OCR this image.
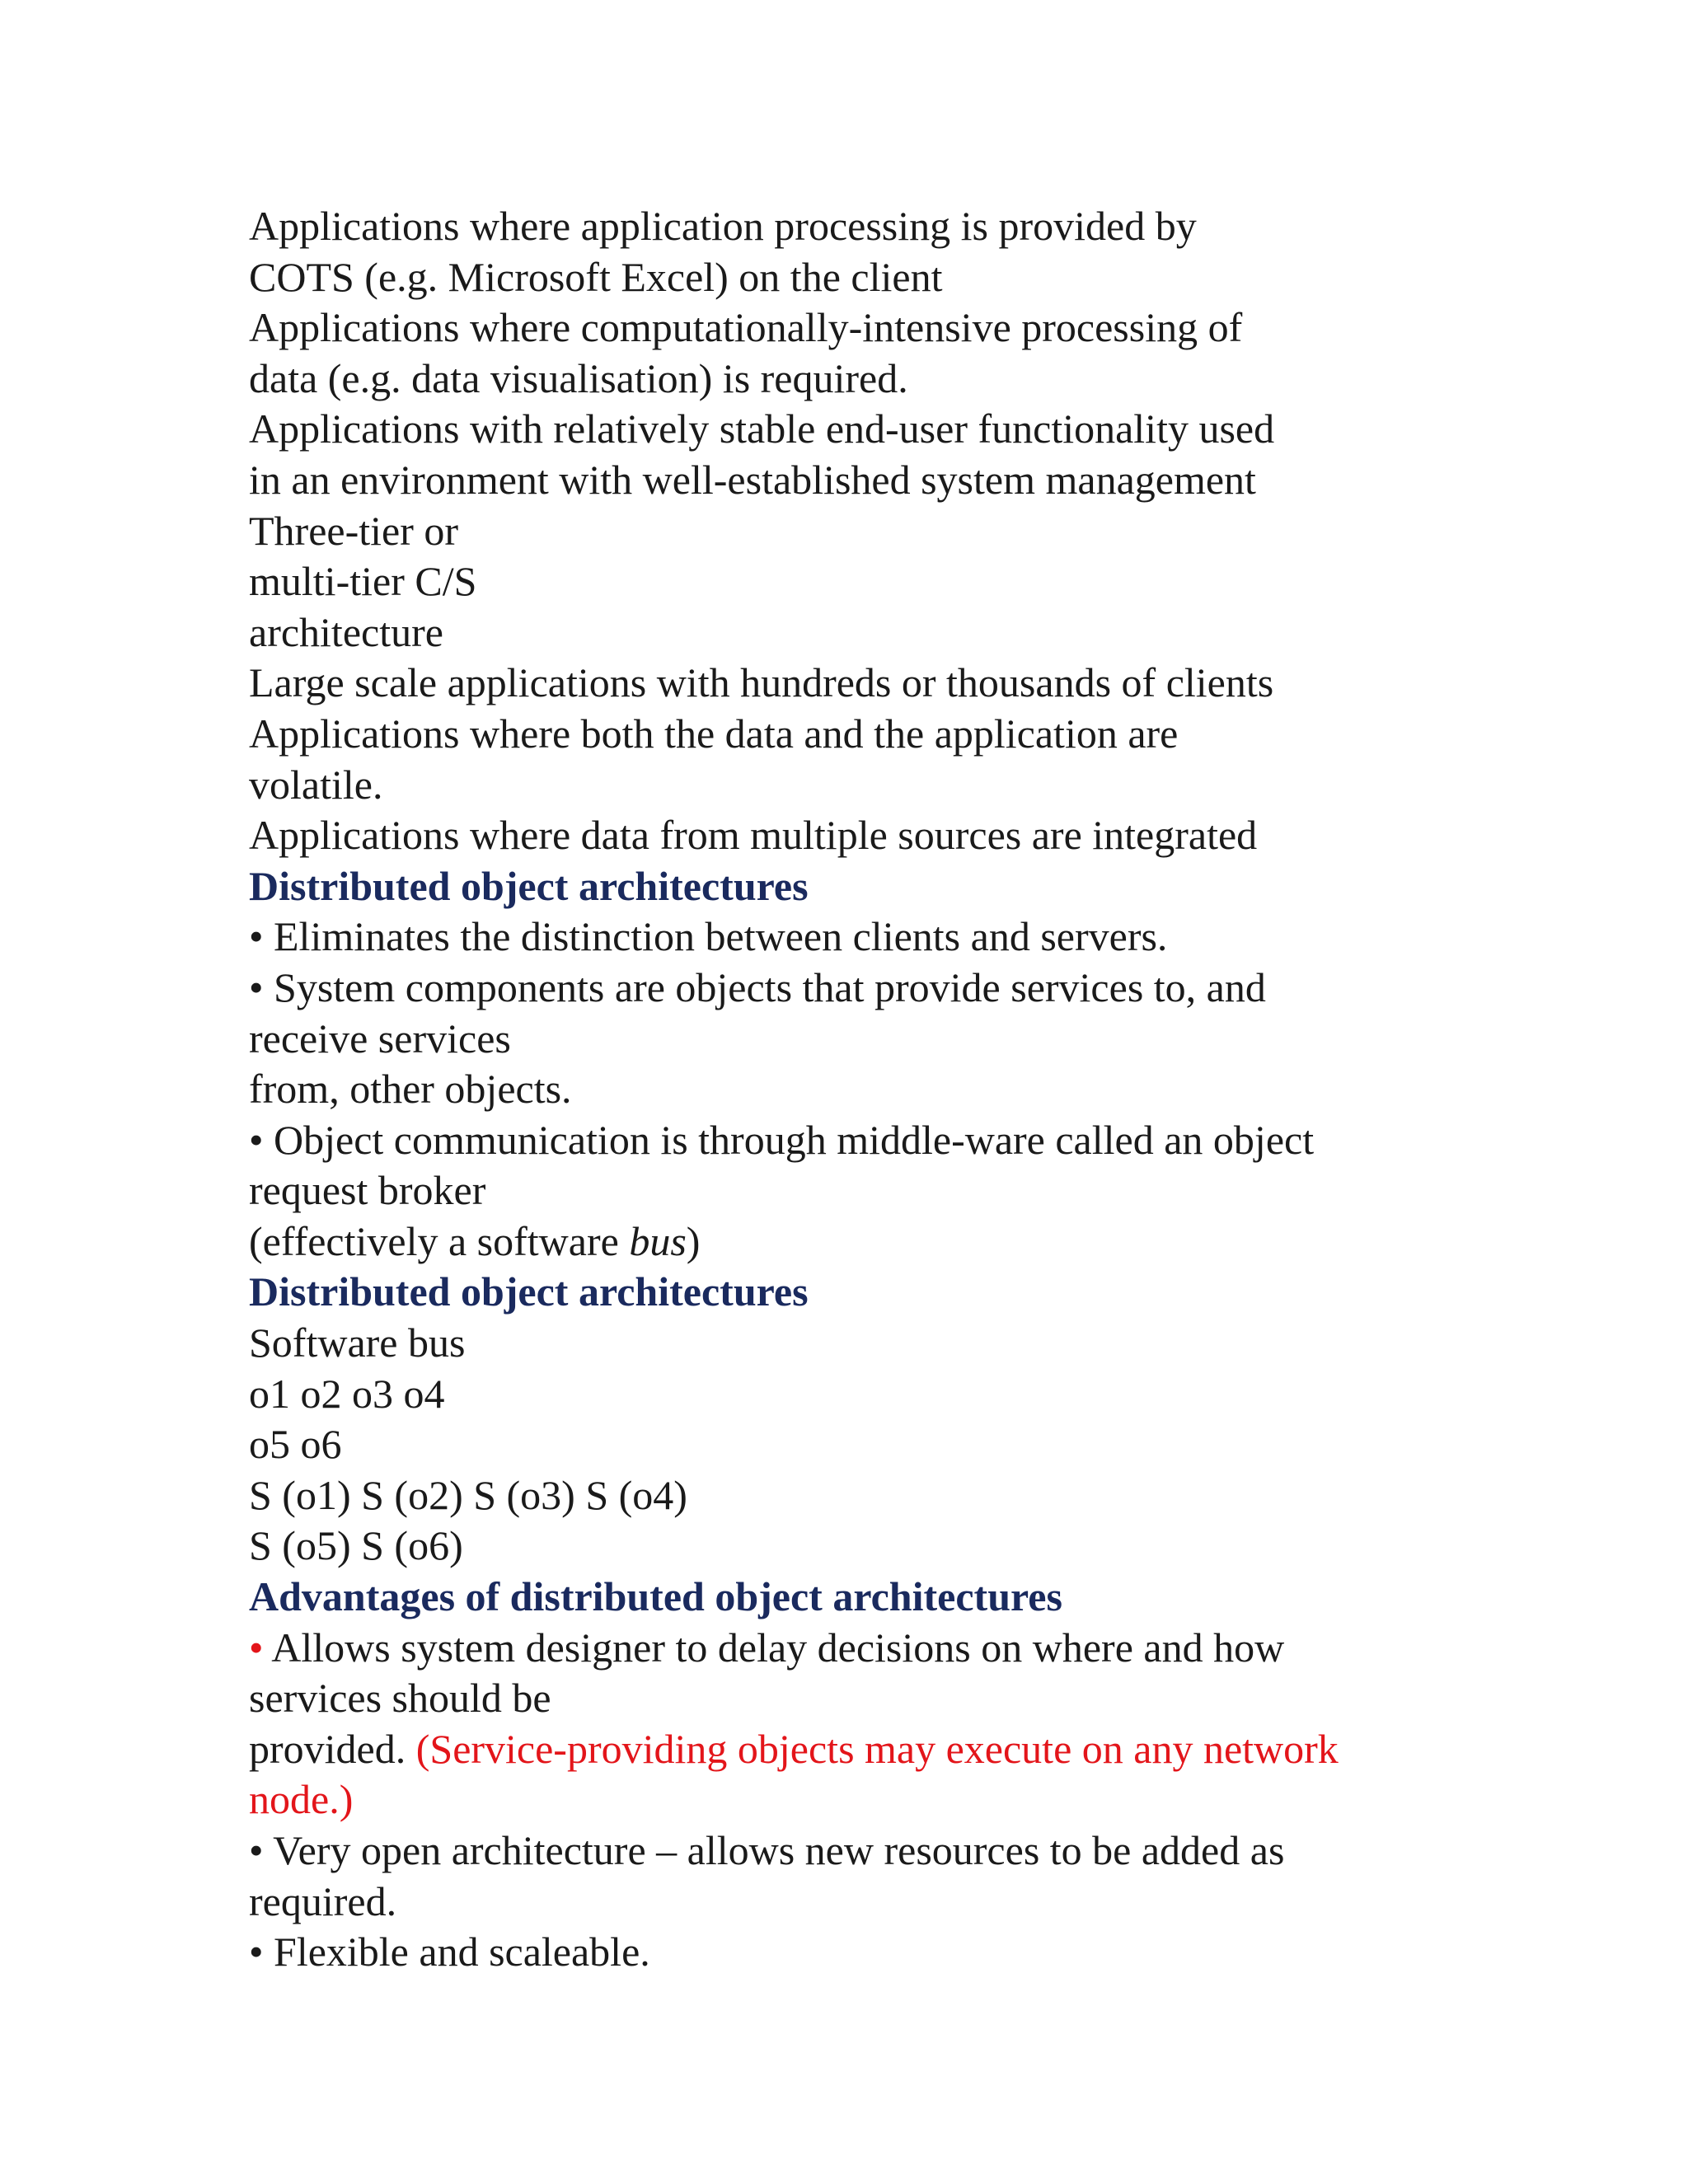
Applications where application processing is provided by
COTS (e.g. Microsoft Excel) on the client
Applications where computationally-intensive processing of
data (e.g. data visualisation) is required.
Applications with relatively stable end-user functionality used
in an environment with well-established system management
Three-tier or
multi-tier C/S
architecture
Large scale applications with hundreds or thousands of clients
Applications where both the data and the application are
volatile.
Applications where data from multiple sources are integrated
Distributed object architectures
• Eliminates the distinction between clients and servers.
• System components are objects that provide services to, and
receive services
from, other objects.
• Object communication is through middle-ware called an object
request broker
(effectively a software bus)
Distributed object architectures
Software bus
o1 o2 o3 o4
o5 o6
S (o1) S (o2) S (o3) S (o4)
S (o5) S (o6)
Advantages of distributed object architectures
• Allows system designer to delay decisions on where and how
services should be
provided. (Service-providing objects may execute on any network
node.)
• Very open architecture – allows new resources to be added as
required.
• Flexible and scaleable.
